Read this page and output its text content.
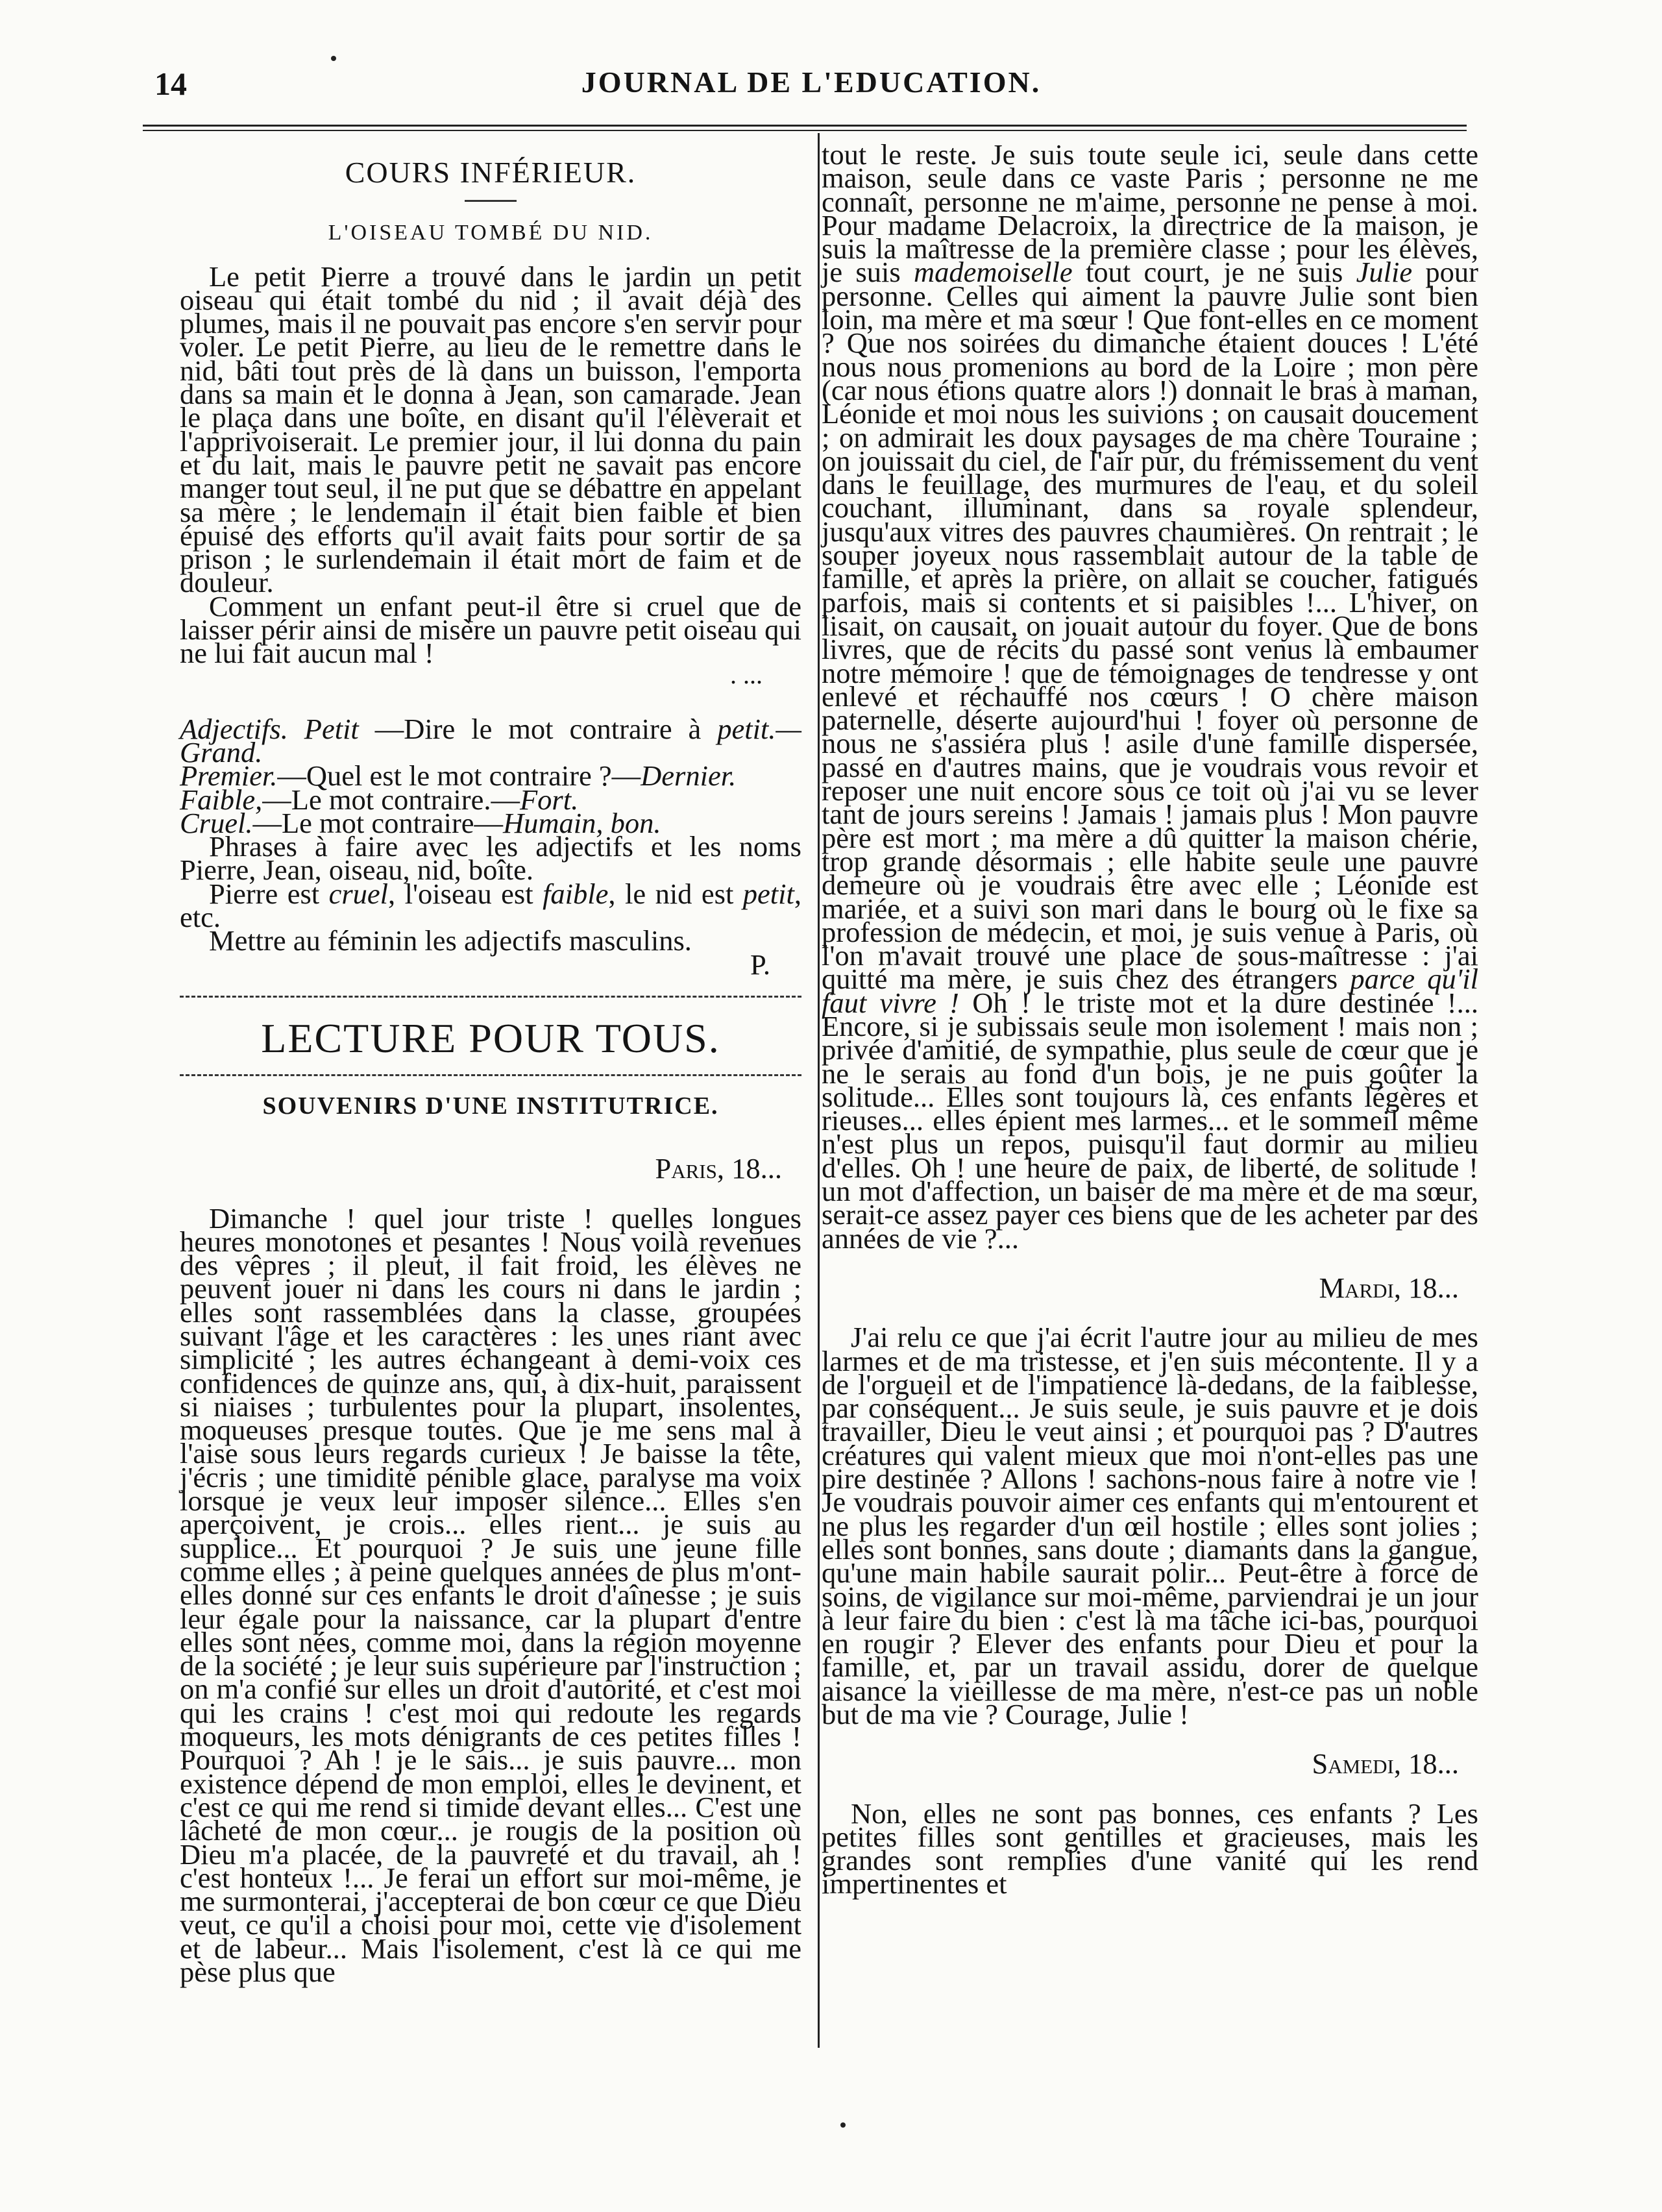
14	JOURNAL DE L'EDUCATION.
COURS INFÉRIEUR.
L'OISEAU TOMBÉ DU NID.

Le petit Pierre a trouvé dans le jardin un petit oiseau qui était tombé du nid ; il avait déjà des plumes, mais il ne pouvait pas encore s'en servir pour voler. Le petit Pierre, au lieu de le remettre dans le nid, bâti tout près de là dans un buisson, l'emporta dans sa main et le donna à Jean, son camarade. Jean le plaça dans une boîte, en disant qu'il l'élèverait et l'apprivoiserait. Le premier jour, il lui donna du pain et du lait, mais le pauvre petit ne savait pas encore manger tout seul, il ne put que se débattre en appelant sa mère ; le lendemain il était bien faible et bien épuisé des efforts qu'il avait faits pour sortir de sa prison ; le surlendemain il était mort de faim et de douleur.

Comment un enfant peut-il être si cruel que de laisser périr ainsi de misère un pauvre petit oiseau qui ne lui fait aucun mal !

. ...

Adjectifs. Petit —Dire le mot contraire à petit.—Grand.

Premier.—Quel est le mot contraire ?—Dernier.

Faible,—Le mot contraire.—Fort.

Cruel.—Le mot contraire—Humain, bon.

Phrases à faire avec les adjectifs et les noms Pierre, Jean, oiseau, nid, boîte.

Pierre est cruel, l'oiseau est faible, le nid est petit, etc.

Mettre au féminin les adjectifs masculins.

P.
LECTURE POUR TOUS.
SOUVENIRS D'UNE INSTITUTRICE.
Paris, 18...

Dimanche ! quel jour triste ! quelles longues heures monotones et pesantes ! Nous voilà revenues des vêpres ; il pleut, il fait froid, les élèves ne peuvent jouer ni dans les cours ni dans le jardin ; elles sont rassemblées dans la classe, groupées suivant l'âge et les caractères : les unes riant avec simplicité ; les autres échangeant à demi-voix ces confidences de quinze ans, qui, à dix-huit, paraissent si niaises ; turbulentes pour la plupart, insolentes, moqueuses presque toutes. Que je me sens mal à l'aise sous leurs regards curieux ! Je baisse la tête, j'écris ; une timidité pénible glace, paralyse ma voix lorsque je veux leur imposer silence... Elles s'en aperçoivent, je crois... elles rient... je suis au supplice... Et pourquoi ? Je suis une jeune fille comme elles ; à peine quelques années de plus m'ont-elles donné sur ces enfants le droit d'aînesse ; je suis leur égale pour la naissance, car la plupart d'entre elles sont nées, comme moi, dans la région moyenne de la société ; je leur suis supérieure par l'instruction ; on m'a confié sur elles un droit d'autorité, et c'est moi qui les crains ! c'est moi qui redoute les regards moqueurs, les mots dénigrants de ces petites filles ! Pourquoi ? Ah ! je le sais... je suis pauvre... mon existence dépend de mon emploi, elles le devinent, et c'est ce qui me rend si timide devant elles... C'est une lâcheté de mon cœur... je rougis de la position où Dieu m'a placée, de la pauvreté et du travail, ah ! c'est honteux !... Je ferai un effort sur moi-même, je me surmonterai, j'accepterai de bon cœur ce que Dieu veut, ce qu'il a choisi pour moi, cette vie d'isolement et de labeur... Mais l'isolement, c'est là ce qui me pèse plus que

tout le reste. Je suis toute seule ici, seule dans cette maison, seule dans ce vaste Paris ; personne ne me connaît, personne ne m'aime, personne ne pense à moi. Pour madame Delacroix, la directrice de la maison, je suis la maîtresse de la première classe ; pour les élèves, je suis mademoiselle tout court, je ne suis Julie pour personne. Celles qui aiment la pauvre Julie sont bien loin, ma mère et ma sœur ! Que font-elles en ce moment ? Que nos soirées du dimanche étaient douces ! L'été nous nous promenions au bord de la Loire ; mon père (car nous étions quatre alors !) donnait le bras à maman, Léonide et moi nous les suivions ; on causait doucement ; on admirait les doux paysages de ma chère Touraine ; on jouissait du ciel, de l'air pur, du frémissement du vent dans le feuillage, des murmures de l'eau, et du soleil couchant, illuminant, dans sa royale splendeur, jusqu'aux vitres des pauvres chaumières. On rentrait ; le souper joyeux nous rassemblait autour de la table de famille, et après la prière, on allait se coucher, fatigués parfois, mais si contents et si paisibles !... L'hiver, on lisait, on causait, on jouait autour du foyer. Que de bons livres, que de récits du passé sont venus là embaumer notre mémoire ! que de témoignages de tendresse y ont enlevé et réchauffé nos cœurs ! O chère maison paternelle, déserte aujourd'hui ! foyer où personne de nous ne s'assiéra plus ! asile d'une famille dispersée, passé en d'autres mains, que je voudrais vous revoir et reposer une nuit encore sous ce toit où j'ai vu se lever tant de jours sereins ! Jamais ! jamais plus ! Mon pauvre père est mort ; ma mère a dû quitter la maison chérie, trop grande désormais ; elle habite seule une pauvre demeure où je voudrais être avec elle ; Léonide est mariée, et a suivi son mari dans le bourg où le fixe sa profession de médecin, et moi, je suis venue à Paris, où l'on m'avait trouvé une place de sous-maîtresse : j'ai quitté ma mère, je suis chez des étrangers parce qu'il faut vivre ! Oh ! le triste mot et la dure destinée !... Encore, si je subissais seule mon isolement ! mais non ; privée d'amitié, de sympathie, plus seule de cœur que je ne le serais au fond d'un bois, je ne puis goûter la solitude... Elles sont toujours là, ces enfants légères et rieuses... elles épient mes larmes... et le sommeil même n'est plus un repos, puisqu'il faut dormir au milieu d'elles. Oh ! une heure de paix, de liberté, de solitude ! un mot d'affection, un baiser de ma mère et de ma sœur, serait-ce assez payer ces biens que de les acheter par des années de vie ?...

Mardi, 18...

J'ai relu ce que j'ai écrit l'autre jour au milieu de mes larmes et de ma tristesse, et j'en suis mécontente. Il y a de l'orgueil et de l'impatience là-dedans, de la faiblesse, par conséquent... Je suis seule, je suis pauvre et je dois travailler, Dieu le veut ainsi ; et pourquoi pas ? D'autres créatures qui valent mieux que moi n'ont-elles pas une pire destinée ? Allons ! sachons-nous faire à notre vie ! Je voudrais pouvoir aimer ces enfants qui m'entourent et ne plus les regarder d'un œil hostile ; elles sont jolies ; elles sont bonnes, sans doute ; diamants dans la gangue, qu'une main habile saurait polir... Peut-être à force de soins, de vigilance sur moi-même, parviendrai je un jour à leur faire du bien : c'est là ma tâche ici-bas, pourquoi en rougir ? Elever des enfants pour Dieu et pour la famille, et, par un travail assidu, dorer de quelque aisance la vieillesse de ma mère, n'est-ce pas un noble but de ma vie ? Courage, Julie !

Samedi, 18...

Non, elles ne sont pas bonnes, ces enfants ? Les petites filles sont gentilles et gracieuses, mais les grandes sont remplies d'une vanité qui les rend impertinentes et
